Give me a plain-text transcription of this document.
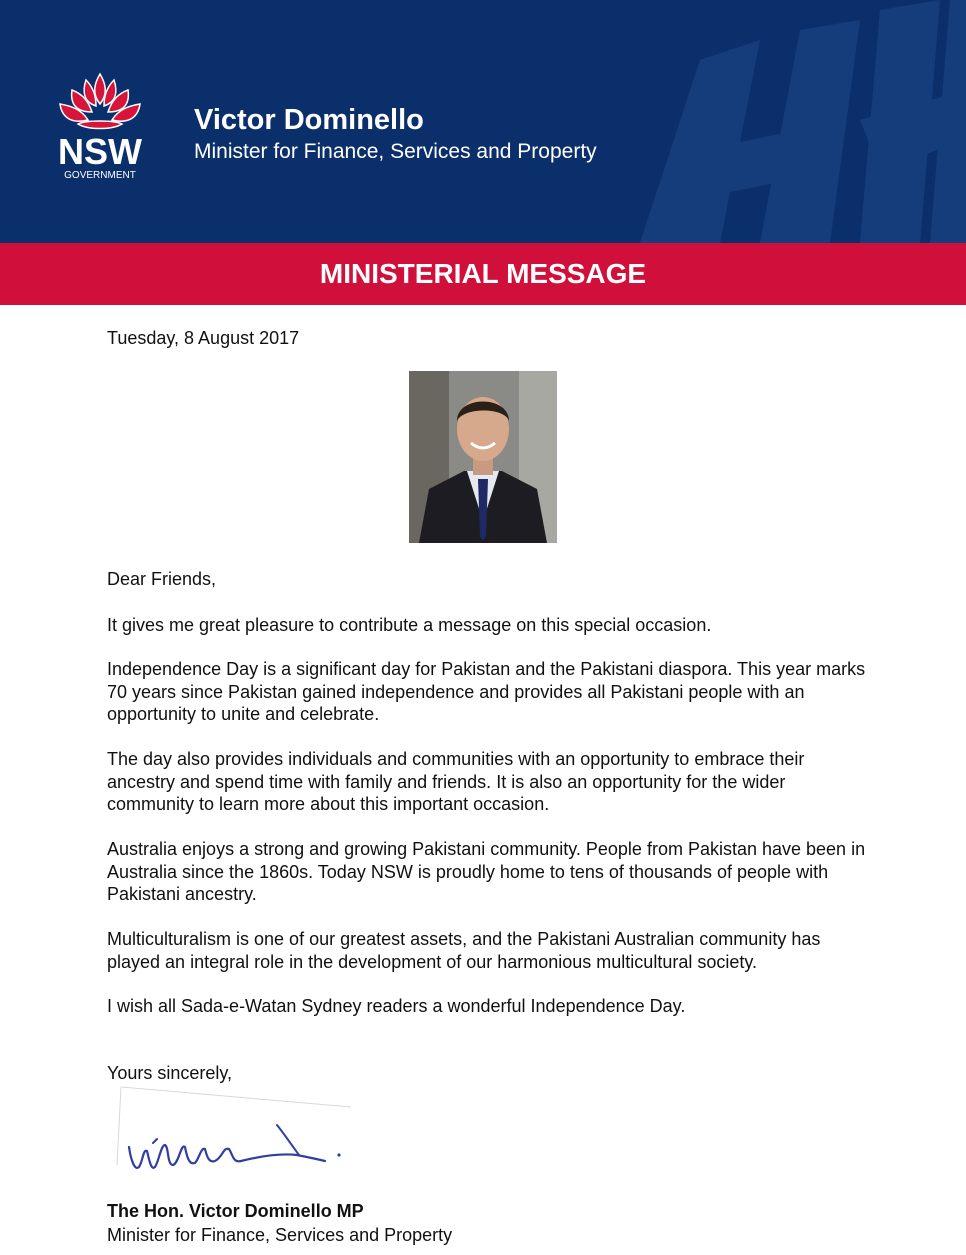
NSW
GOVERNMENT
Victor Dominello
Minister for Finance, Services and Property
MINISTERIAL MESSAGE

Tuesday, 8 August 2017

Dear Friends,

It gives me great pleasure to contribute a message on this special occasion.

Independence Day is a significant day for Pakistan and the Pakistani diaspora. This year marks 70 years since Pakistan gained independence and provides all Pakistani people with an opportunity to unite and celebrate.

The day also provides individuals and communities with an opportunity to embrace their ancestry and spend time with family and friends. It is also an opportunity for the wider community to learn more about this important occasion.

Australia enjoys a strong and growing Pakistani community. People from Pakistan have been in Australia since the 1860s. Today NSW is proudly home to tens of thousands of people with Pakistani ancestry.

Multiculturalism is one of our greatest assets, and the Pakistani Australian community has played an integral role in the development of our harmonious multicultural society.

I wish all Sada-e-Watan Sydney readers a wonderful Independence Day.

Yours sincerely,

The Hon. Victor Dominello MP
Minister for Finance, Services and Property
